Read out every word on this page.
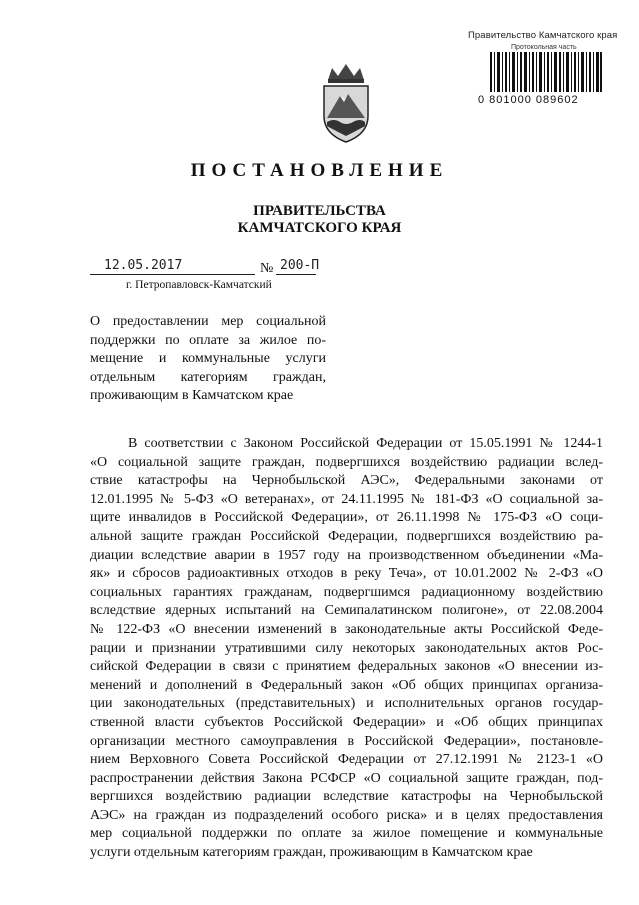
Правительство Камчатского края
Протокольная часть
0 801000 089602
ПОСТАНОВЛЕНИЕ
ПРАВИТЕЛЬСТВА
КАМЧАТСКОГО КРАЯ
12.05.2017	№ 200-П
г. Петропавловск-Камчатский
О предоставлении мер социальной
поддержки по оплате за жилое по-
мещение и коммунальные услуги
отдельным категориям граждан,
проживающим в Камчатском крае
В соответствии с Законом Российской Федерации от 15.05.1991 № 1244-1
«О социальной защите граждан, подвергшихся воздействию радиации вслед-
ствие катастрофы на Чернобыльской АЭС», Федеральными законами от
12.01.1995 № 5-ФЗ «О ветеранах», от 24.11.1995 № 181-ФЗ «О социальной за-
щите инвалидов в Российской Федерации», от 26.11.1998 № 175-ФЗ «О соци-
альной защите граждан Российской Федерации, подвергшихся воздействию ра-
диации вследствие аварии в 1957 году на производственном объединении «Ма-
як» и сбросов радиоактивных отходов в реку Теча», от 10.01.2002 № 2-ФЗ «О
социальных гарантиях гражданам, подвергшимся радиационному воздействию
вследствие ядерных испытаний на Семипалатинском полигоне», от 22.08.2004
№ 122-ФЗ «О внесении изменений в законодательные акты Российской Феде-
рации и признании утратившими силу некоторых законодательных актов Рос-
сийской Федерации в связи с принятием федеральных законов «О внесении из-
менений и дополнений в Федеральный закон «Об общих принципах организа-
ции законодательных (представительных) и исполнительных органов государ-
ственной власти субъектов Российской Федерации» и «Об общих принципах
организации местного самоуправления в Российской Федерации», постановле-
нием Верховного Совета Российской Федерации от 27.12.1991 № 2123-1 «О
распространении действия Закона РСФСР «О социальной защите граждан, под-
вергшихся воздействию радиации вследствие катастрофы на Чернобыльской
АЭС» на граждан из подразделений особого риска» и в целях предоставления
мер социальной поддержки по оплате за жилое помещение и коммунальные
услуги отдельным категориям граждан, проживающим в Камчатском крае
